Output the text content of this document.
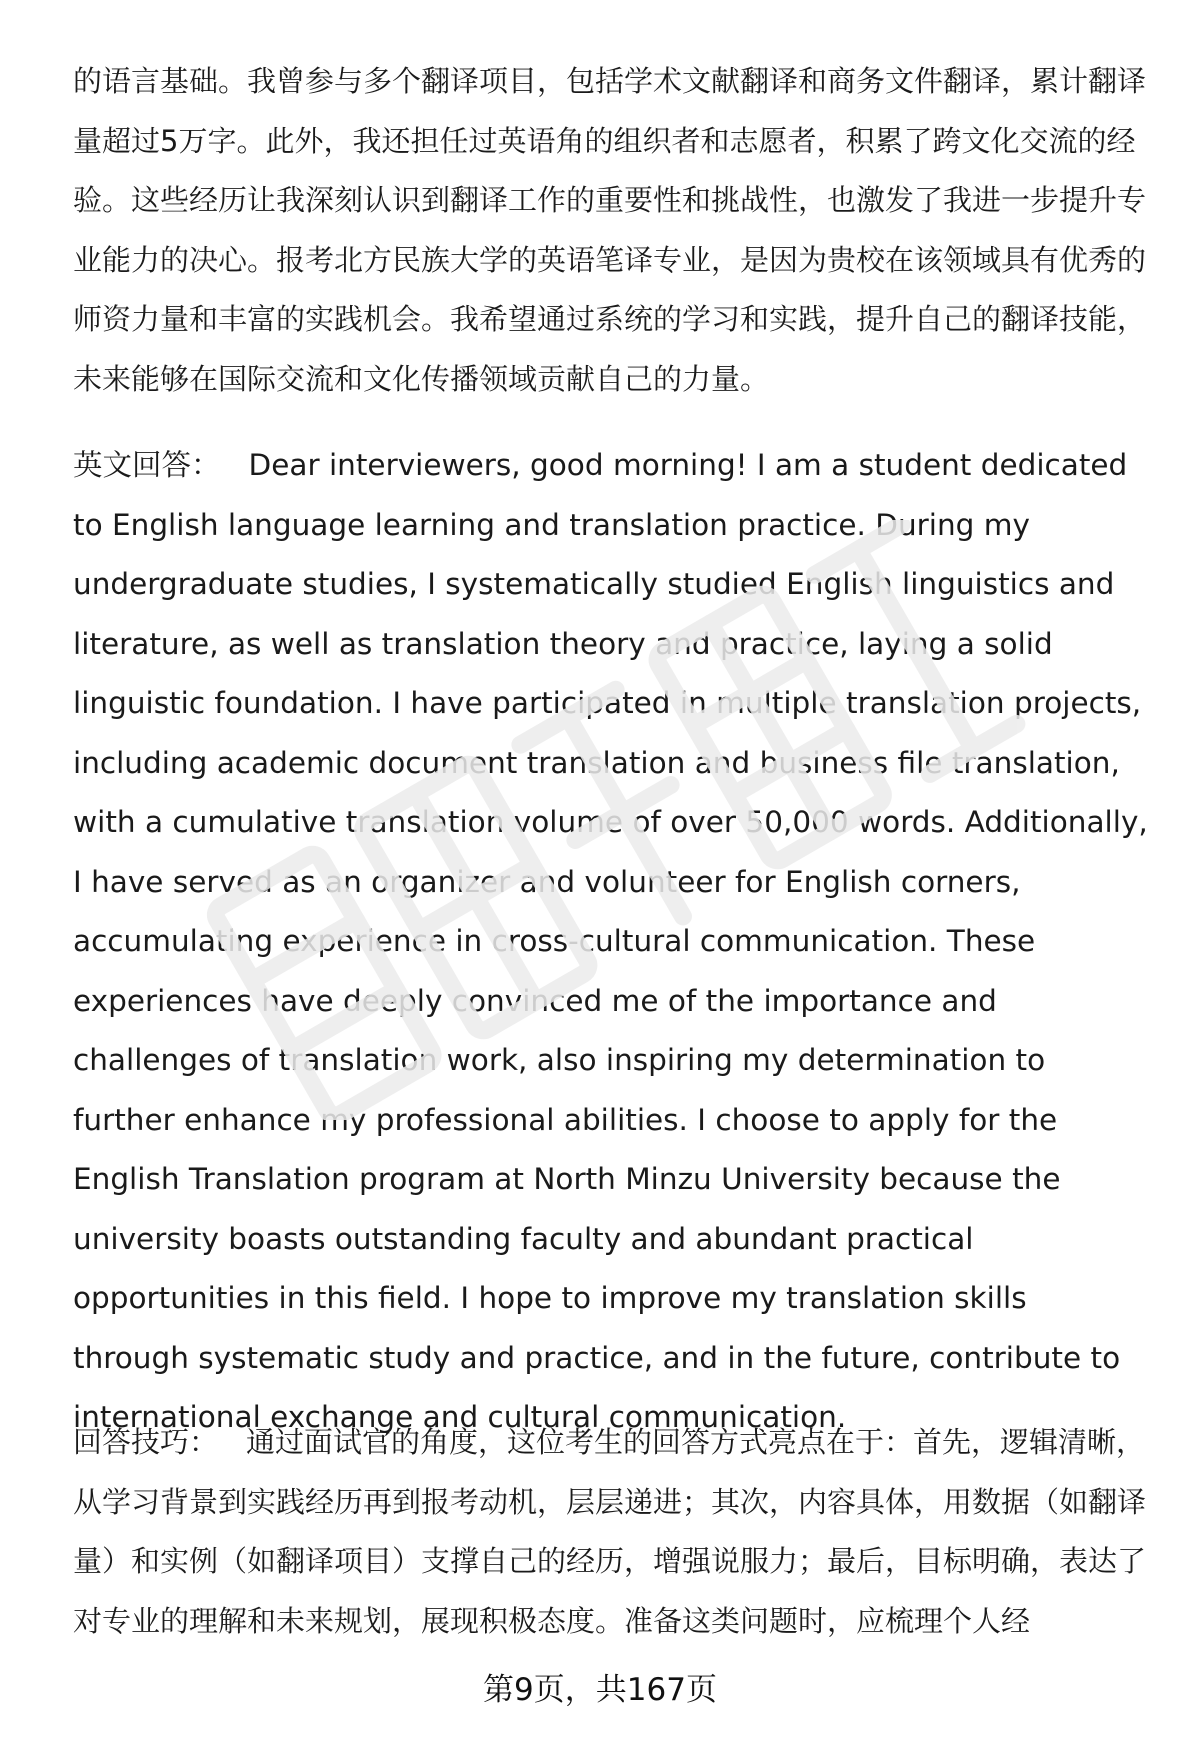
的语言基础。我曾参与多个翻译项目，包括学术文献翻译和商务文件翻译，累计翻译量超过5万字。此外，我还担任过英语角的组织者和志愿者，积累了跨文化交流的经验。这些经历让我深刻认识到翻译工作的重要性和挑战性，也激发了我进一步提升专业能力的决心。报考北方民族大学的英语笔译专业，是因为贵校在该领域具有优秀的师资力量和丰富的实践机会。我希望通过系统的学习和实践，提升自己的翻译技能，未来能够在国际交流和文化传播领域贡献自己的力量。

英文回答： Dear interviewers, good morning! I am a student dedicated to English language learning and translation practice. During my undergraduate studies, I systematically studied English linguistics and literature, as well as translation theory and practice, laying a solid linguistic foundation. I have participated in multiple translation projects, including academic document translation and business file translation, with a cumulative translation volume of over 50,000 words. Additionally, I have served as an organizer and volunteer for English corners, accumulating experience in cross-cultural communication. These experiences have deeply convinced me of the importance and challenges of translation work, also inspiring my determination to further enhance my professional abilities. I choose to apply for the English Translation program at North Minzu University because the university boasts outstanding faculty and abundant practical opportunities in this field. I hope to improve my translation skills through systematic study and practice, and in the future, contribute to international exchange and cultural communication.

回答技巧： 通过面试官的角度，这位考生的回答方式亮点在于：首先，逻辑清晰，从学习背景到实践经历再到报考动机，层层递进；其次，内容具体，用数据（如翻译量）和实例（如翻译项目）支撑自己的经历，增强说服力；最后，目标明确，表达了对专业的理解和未来规划，展现积极态度。准备这类问题时，应梳理个人经

第9页，共167页
